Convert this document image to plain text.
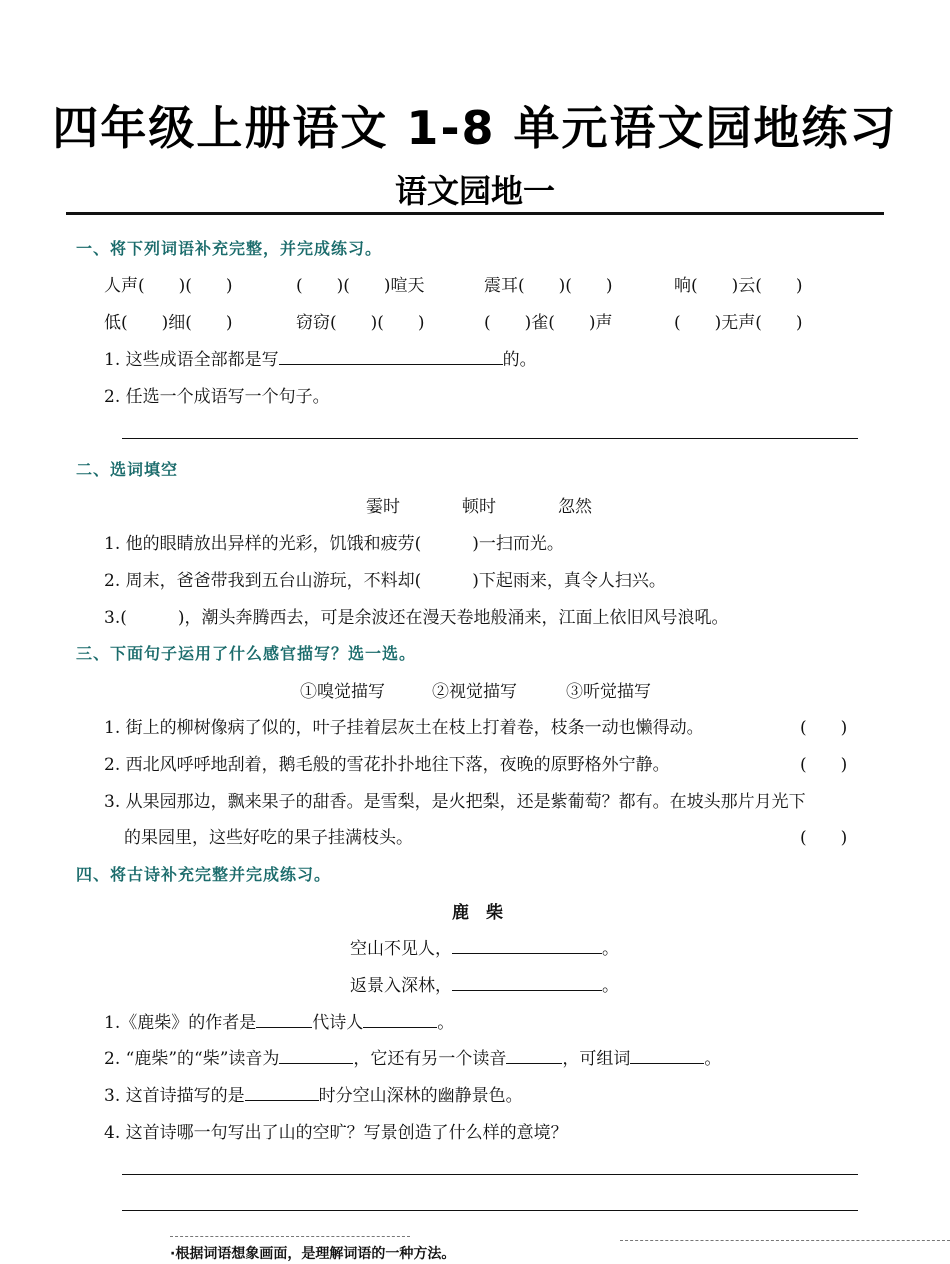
四年级上册语文 1-8 单元语文园地练习
语文园地一
一、将下列词语补充完整，并完成练习。
人声(　　)(　　)	(　　)(　　)喧天	震耳(　　)(　　)	响(　　)云(　　)
低(　　)细(　　)	窃窃(　　)(　　)	(　　)雀(　　)声	(　　)无声(　　)
1. 这些成语全部都是写	的。
2. 任选一个成语写一个句子。
二、选词填空
霎时	顿时	忽然
1. 他的眼睛放出异样的光彩，饥饿和疲劳(　　　)一扫而光。
2. 周末，爸爸带我到五台山游玩，不料却(　　　)下起雨来，真令人扫兴。
3.(　　　)，潮头奔腾西去，可是余波还在漫天卷地般涌来，江面上依旧风号浪吼。
三、下面句子运用了什么感官描写？选一选。
①嗅觉描写	②视觉描写	③听觉描写
1. 街上的柳树像病了似的，叶子挂着层灰土在枝上打着卷，枝条一动也懒得动。	(　　)
2. 西北风呼呼地刮着，鹅毛般的雪花扑扑地往下落，夜晚的原野格外宁静。	(　　)
3. 从果园那边，飘来果子的甜香。是雪梨，是火把梨，还是紫葡萄？都有。在坡头那片月光下
的果园里，这些好吃的果子挂满枝头。	(　　)
四、将古诗补充完整并完成练习。
鹿　柴
空山不见人，	。
返景入深林，	。
1.《鹿柴》的作者是	代诗人	。
2. “鹿柴”的“柴”读音为	，它还有另一个读音	，可组词	。
3. 这首诗描写的是	时分空山深林的幽静景色。
4. 这首诗哪一句写出了山的空旷？写景创造了什么样的意境？
·根据词语想象画面，是理解词语的一种方法。
